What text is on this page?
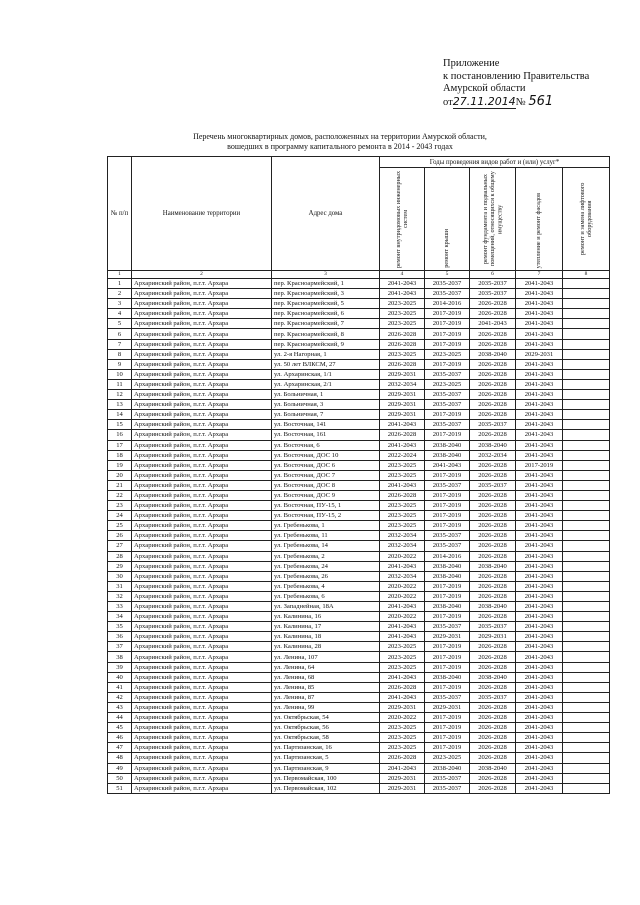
Приложение
к постановлению Правительства
Амурской области
от27.11.2014№ 561
Перечень многоквартирных домов, расположенных на территории Амурской области,
вошедших в программу капитального ремонта в 2014 - 2043 годах
№ п/п	Наименование территории	Адрес дома	Годы проведения видов работ и (или) услуг*				
			ремонт внутридомовых инженерных систем	ремонт крыши	ремонт фундамента и подвальных помещений, относящихся к общему имуществу	утепление и ремонт фасадов	ремонт и замена лифтового оборудования
1	2	3	4	5	6	7	8
1	Архаринский район, п.г.т. Архара	пер. Красноармейский, 1	2041-2043	2035-2037	2035-2037	2041-2043	
2	Архаринский район, п.г.т. Архара	пер. Красноармейский, 3	2041-2043	2035-2037	2035-2037	2041-2043	
3	Архаринский район, п.г.т. Архара	пер. Красноармейский, 5	2023-2025	2014-2016	2026-2028	2041-2043	
4	Архаринский район, п.г.т. Архара	пер. Красноармейский, 6	2023-2025	2017-2019	2026-2028	2041-2043	
5	Архаринский район, п.г.т. Архара	пер. Красноармейский, 7	2023-2025	2017-2019	2041-2043	2041-2043	
6	Архаринский район, п.г.т. Архара	пер. Красноармейский, 8	2026-2028	2017-2019	2026-2028	2041-2043	
7	Архаринский район, п.г.т. Архара	пер. Красноармейский, 9	2026-2028	2017-2019	2026-2028	2041-2043	
8	Архаринский район, п.г.т. Архара	ул. 2-я Нагорная, 1	2023-2025	2023-2025	2038-2040	2029-2031	
9	Архаринский район, п.г.т. Архара	ул. 50 лет ВЛКСМ, 27	2026-2028	2017-2019	2026-2028	2041-2043	
10	Архаринский район, п.г.т. Архара	ул. Архаринская, 1/1	2029-2031	2035-2037	2026-2028	2041-2043	
11	Архаринский район, п.г.т. Архара	ул. Архаринская, 2/1	2032-2034	2023-2025	2026-2028	2041-2043	
12	Архаринский район, п.г.т. Архара	ул. Больничная, 1	2029-2031	2035-2037	2026-2028	2041-2043	
13	Архаринский район, п.г.т. Архара	ул. Больничная, 3	2029-2031	2035-2037	2026-2028	2041-2043	
14	Архаринский район, п.г.т. Архара	ул. Больничная, 7	2029-2031	2017-2019	2026-2028	2041-2043	
15	Архаринский район, п.г.т. Архара	ул. Восточная, 141	2041-2043	2035-2037	2035-2037	2041-2043	
16	Архаринский район, п.г.т. Архара	ул. Восточная, 161	2026-2028	2017-2019	2026-2028	2041-2043	
17	Архаринский район, п.г.т. Архара	ул. Восточная, 6	2041-2043	2038-2040	2038-2040	2041-2043	
18	Архаринский район, п.г.т. Архара	ул. Восточная, ДОС 10	2022-2024	2038-2040	2032-2034	2041-2043	
19	Архаринский район, п.г.т. Архара	ул. Восточная, ДОС 6	2023-2025	2041-2043	2026-2028	2017-2019	
20	Архаринский район, п.г.т. Архара	ул. Восточная, ДОС 7	2023-2025	2017-2019	2026-2028	2041-2043	
21	Архаринский район, п.г.т. Архара	ул. Восточная, ДОС 8	2041-2043	2035-2037	2035-2037	2041-2043	
22	Архаринский район, п.г.т. Архара	ул. Восточная, ДОС 9	2026-2028	2017-2019	2026-2028	2041-2043	
23	Архаринский район, п.г.т. Архара	ул. Восточная, ПУ-15, 1	2023-2025	2017-2019	2026-2028	2041-2043	
24	Архаринский район, п.г.т. Архара	ул. Восточная, ПУ-15, 2	2023-2025	2017-2019	2026-2028	2041-2043	
25	Архаринский район, п.г.т. Архара	ул. Гребенькова, 1	2023-2025	2017-2019	2026-2028	2041-2043	
26	Архаринский район, п.г.т. Архара	ул. Гребенькова, 11	2032-2034	2035-2037	2026-2028	2041-2043	
27	Архаринский район, п.г.т. Архара	ул. Гребенькова, 14	2032-2034	2035-2037	2026-2028	2041-2043	
28	Архаринский район, п.г.т. Архара	ул. Гребенькова, 2	2020-2022	2014-2016	2026-2028	2041-2043	
29	Архаринский район, п.г.т. Архара	ул. Гребенькова, 24	2041-2043	2038-2040	2038-2040	2041-2043	
30	Архаринский район, п.г.т. Архара	ул. Гребенькова, 26	2032-2034	2038-2040	2026-2028	2041-2043	
31	Архаринский район, п.г.т. Архара	ул. Гребенькова, 4	2020-2022	2017-2019	2026-2028	2041-2043	
32	Архаринский район, п.г.т. Архара	ул. Гребенькова, 6	2020-2022	2017-2019	2026-2028	2041-2043	
33	Архаринский район, п.г.т. Архара	ул. Западнейная, 18А	2041-2043	2038-2040	2038-2040	2041-2043	
34	Архаринский район, п.г.т. Архара	ул. Калинина, 16	2020-2022	2017-2019	2026-2028	2041-2043	
35	Архаринский район, п.г.т. Архара	ул. Калинина, 17	2041-2043	2035-2037	2035-2037	2041-2043	
36	Архаринский район, п.г.т. Архара	ул. Калинина, 18	2041-2043	2029-2031	2029-2031	2041-2043	
37	Архаринский район, п.г.т. Архара	ул. Калинина, 28	2023-2025	2017-2019	2026-2028	2041-2043	
38	Архаринский район, п.г.т. Архара	ул. Ленина, 107	2023-2025	2017-2019	2026-2028	2041-2043	
39	Архаринский район, п.г.т. Архара	ул. Ленина, 64	2023-2025	2017-2019	2026-2028	2041-2043	
40	Архаринский район, п.г.т. Архара	ул. Ленина, 68	2041-2043	2038-2040	2038-2040	2041-2043	
41	Архаринский район, п.г.т. Архара	ул. Ленина, 85	2026-2028	2017-2019	2026-2028	2041-2043	
42	Архаринский район, п.г.т. Архара	ул. Ленина, 87	2041-2043	2035-2037	2035-2037	2041-2043	
43	Архаринский район, п.г.т. Архара	ул. Ленина, 99	2029-2031	2029-2031	2026-2028	2041-2043	
44	Архаринский район, п.г.т. Архара	ул. Октябрьская, 54	2020-2022	2017-2019	2026-2028	2041-2043	
45	Архаринский район, п.г.т. Архара	ул. Октябрьская, 56	2023-2025	2017-2019	2026-2028	2041-2043	
46	Архаринский район, п.г.т. Архара	ул. Октябрьская, 58	2023-2025	2017-2019	2026-2028	2041-2043	
47	Архаринский район, п.г.т. Архара	ул. Партизанская, 16	2023-2025	2017-2019	2026-2028	2041-2043	
48	Архаринский район, п.г.т. Архара	ул. Партизанская, 5	2026-2028	2023-2025	2026-2028	2041-2043	
49	Архаринский район, п.г.т. Архара	ул. Партизанская, 9	2041-2043	2038-2040	2038-2040	2041-2043	
50	Архаринский район, п.г.т. Архара	ул. Первомайская, 100	2029-2031	2035-2037	2026-2028	2041-2043	
51	Архаринский район, п.г.т. Архара	ул. Первомайская, 102	2029-2031	2035-2037	2026-2028	2041-2043	
